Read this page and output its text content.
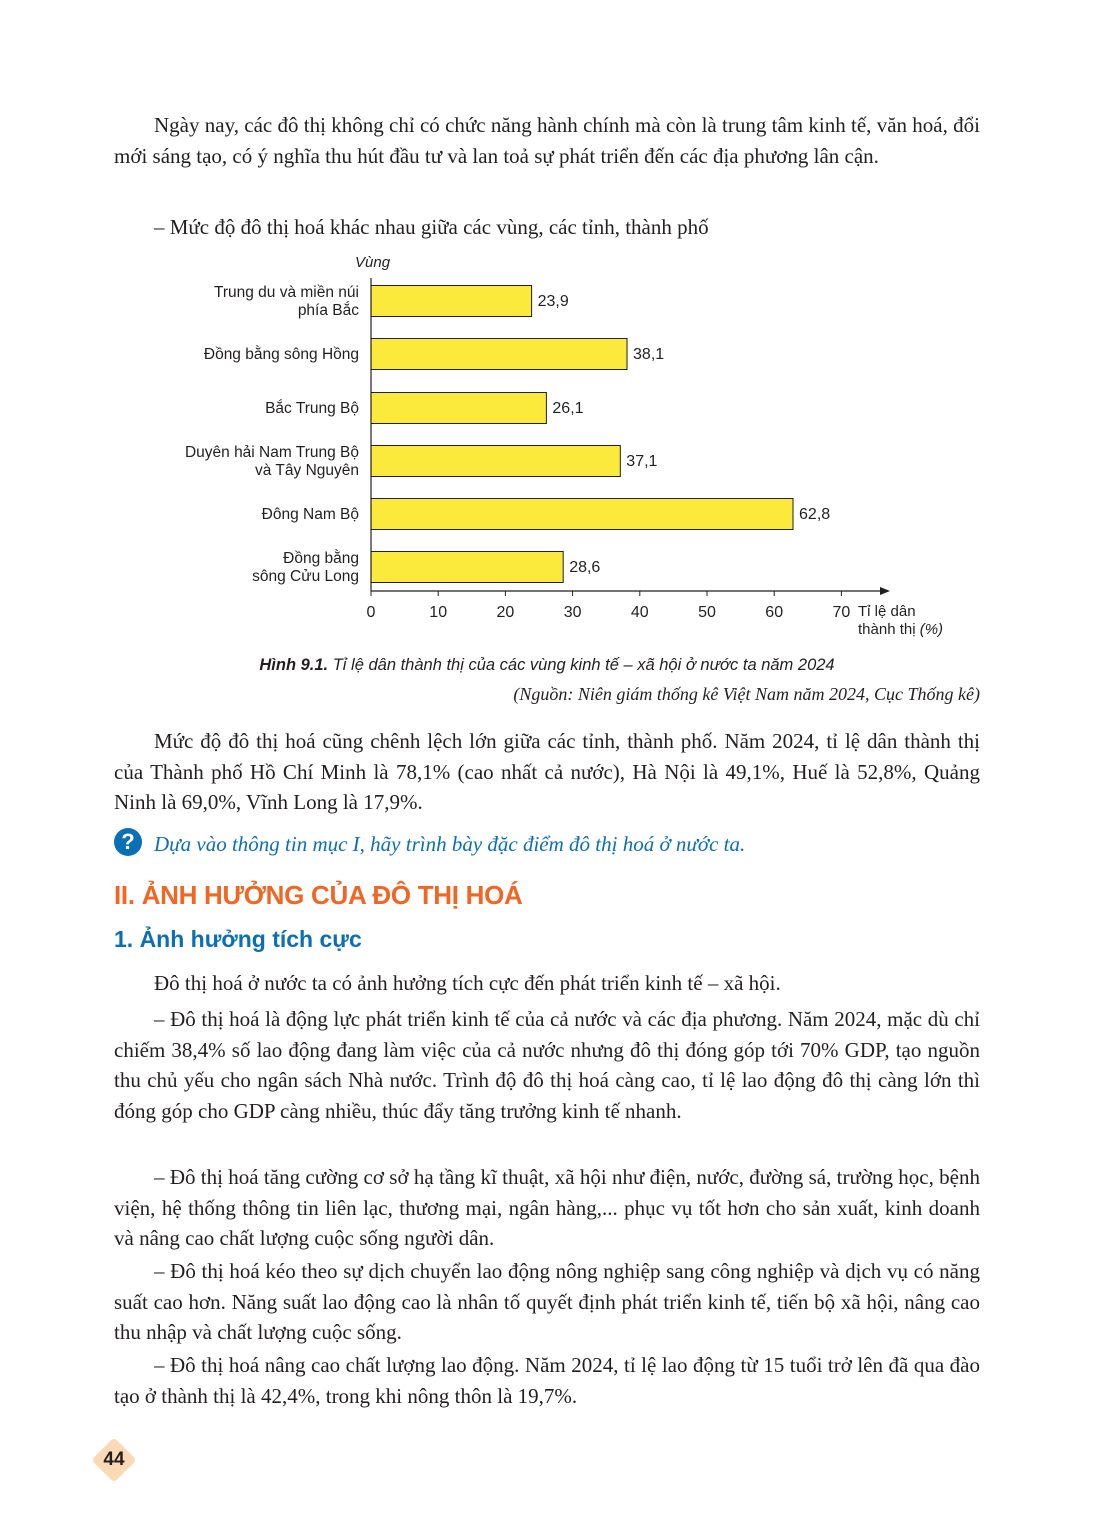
Ngày nay, các đô thị không chỉ có chức năng hành chính mà còn là trung tâm kinh tế, văn hoá, đổi mới sáng tạo, có ý nghĩa thu hút đầu tư và lan toả sự phát triển đến các địa phương lân cận.

– Mức độ đô thị hoá khác nhau giữa các vùng, các tỉnh, thành phố

Vùng
Trung du và miền núi
phía Bắc
Đồng bằng sông Hồng
Bắc Trung Bộ
Duyên hải Nam Trung Bộ
và Tây Nguyên
Đông Nam Bộ
Đồng bằng
sông Cửu Long
23,9
38,1
26,1
37,1
62,8
28,6
0	10	20	30	40	50	60	70 Tỉ lệ dân
thành thị (%)
Hình 9.1. Tỉ lệ dân thành thị của các vùng kinh tế – xã hội ở nước ta năm 2024
(Nguồn: Niên giám thống kê Việt Nam năm 2024, Cục Thống kê)

Mức độ đô thị hoá cũng chênh lệch lớn giữa các tỉnh, thành phố. Năm 2024, tỉ lệ dân thành thị của Thành phố Hồ Chí Minh là 78,1% (cao nhất cả nước), Hà Nội là 49,1%, Huế là 52,8%, Quảng Ninh là 69,0%, Vĩnh Long là 17,9%.

? Dựa vào thông tin mục I, hãy trình bày đặc điểm đô thị hoá ở nước ta.
II. ẢNH HƯỞNG CỦA ĐÔ THỊ HOÁ
1. Ảnh hưởng tích cực

Đô thị hoá ở nước ta có ảnh hưởng tích cực đến phát triển kinh tế – xã hội.

– Đô thị hoá là động lực phát triển kinh tế của cả nước và các địa phương. Năm 2024, mặc dù chỉ chiếm 38,4% số lao động đang làm việc của cả nước nhưng đô thị đóng góp tới 70% GDP, tạo nguồn thu chủ yếu cho ngân sách Nhà nước. Trình độ đô thị hoá càng cao, tỉ lệ lao động đô thị càng lớn thì đóng góp cho GDP càng nhiều, thúc đẩy tăng trưởng kinh tế nhanh.

– Đô thị hoá tăng cường cơ sở hạ tầng kĩ thuật, xã hội như điện, nước, đường sá, trường học, bệnh viện, hệ thống thông tin liên lạc, thương mại, ngân hàng,... phục vụ tốt hơn cho sản xuất, kinh doanh và nâng cao chất lượng cuộc sống người dân.

– Đô thị hoá kéo theo sự dịch chuyển lao động nông nghiệp sang công nghiệp và dịch vụ có năng suất cao hơn. Năng suất lao động cao là nhân tố quyết định phát triển kinh tế, tiến bộ xã hội, nâng cao thu nhập và chất lượng cuộc sống.

– Đô thị hoá nâng cao chất lượng lao động. Năm 2024, tỉ lệ lao động từ 15 tuổi trở lên đã qua đào tạo ở thành thị là 42,4%, trong khi nông thôn là 19,7%.

44
